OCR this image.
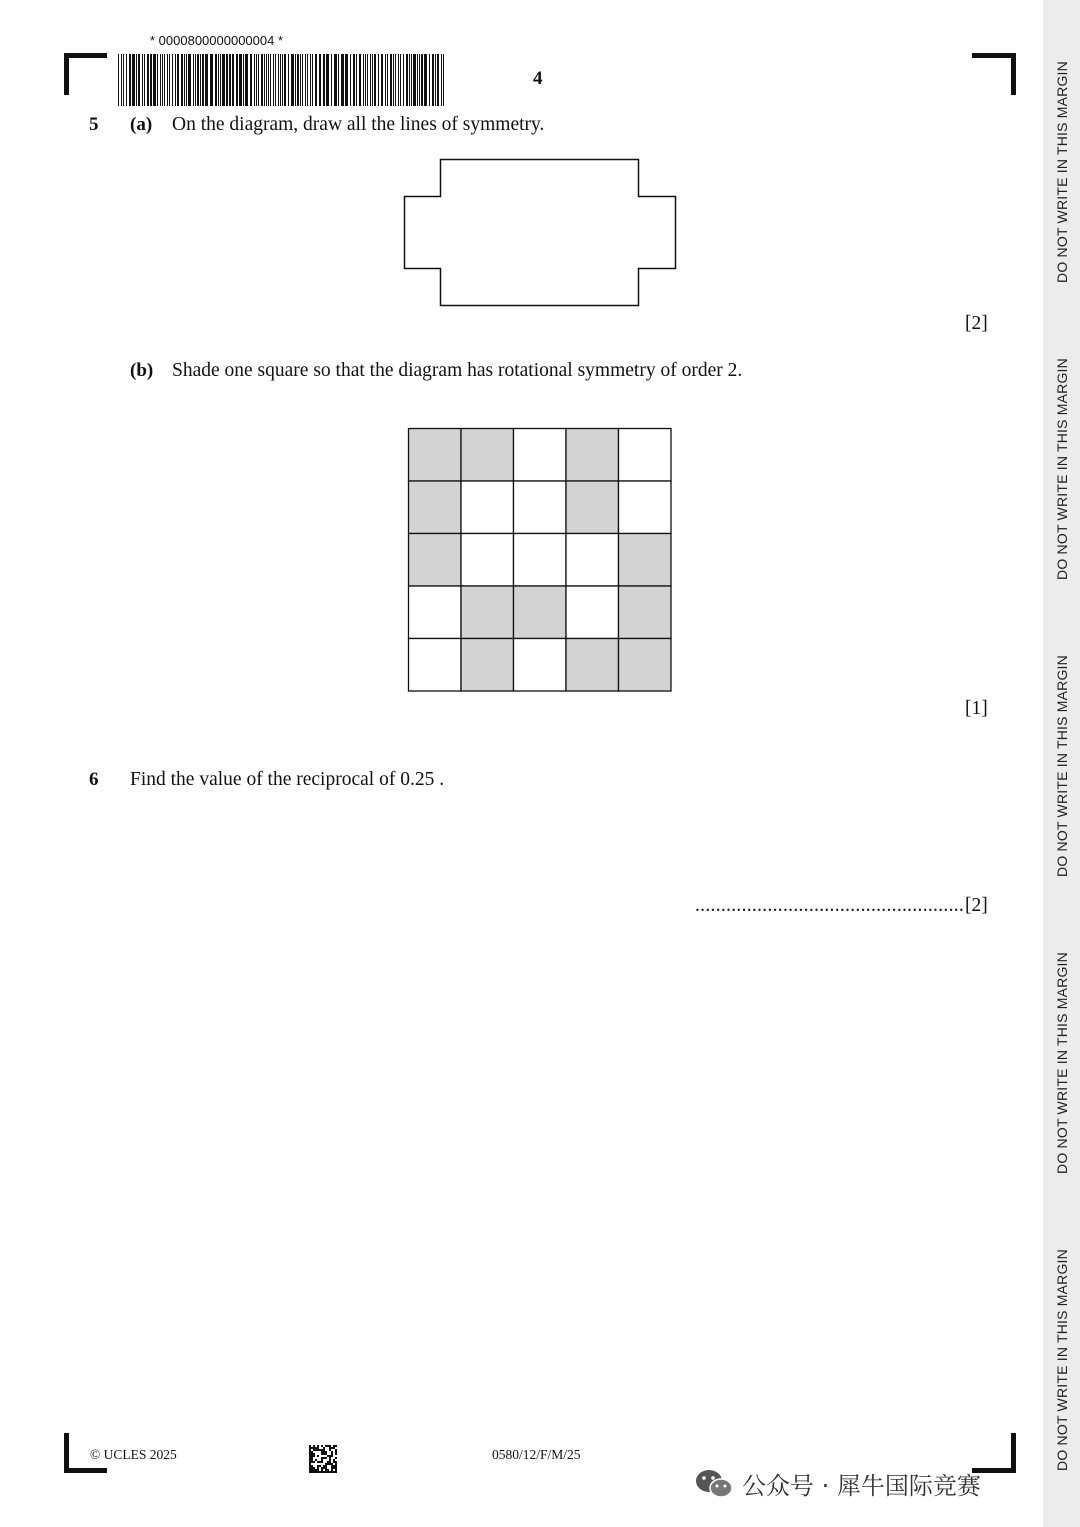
DO NOT WRITE IN THIS MARGIN
DO NOT WRITE IN THIS MARGIN
DO NOT WRITE IN THIS MARGIN
DO NOT WRITE IN THIS MARGIN
DO NOT WRITE IN THIS MARGIN
* 0000800000000004 *
4
5 (a) On the diagram, draw all the lines of symmetry.
[2]
(b) Shade one square so that the diagram has rotational symmetry of order 2.
[1]
6 Find the value of the reciprocal of 0.25 .
.................................................... [2]
© UCLES 2025	0580/12/F/M/25
公众号 · 犀牛国际竞赛
